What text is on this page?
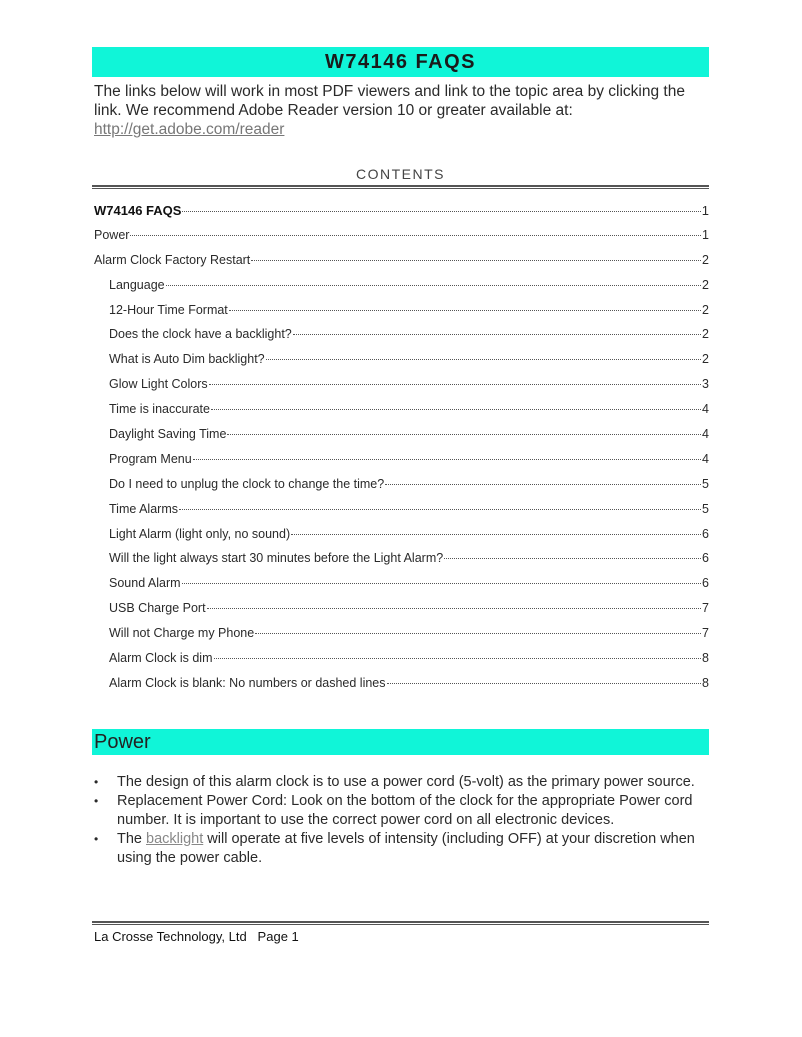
W74146 FAQS
The links below will work in most PDF viewers and link to the topic area by clicking the link. We recommend Adobe Reader version 10 or greater available at:
http://get.adobe.com/reader
CONTENTS
W74146 FAQS	1
Power	1
Alarm Clock Factory Restart	2
Language	2
12-Hour Time Format	2
Does the clock have a backlight?	2
What is Auto Dim backlight?	2
Glow Light Colors	3
Time is inaccurate	4
Daylight Saving Time	4
Program Menu	4
Do I need to unplug the clock to change the time?	5
Time Alarms	5
Light Alarm (light only, no sound)	6
Will the light always start 30 minutes before the Light Alarm?	6
Sound Alarm	6
USB Charge Port	7
Will not Charge my Phone	7
Alarm Clock is dim	8
Alarm Clock is blank: No numbers or dashed lines	8
Power
• The design of this alarm clock is to use a power cord (5-volt) as the primary power source.
• Replacement Power Cord: Look on the bottom of the clock for the appropriate Power cord number. It is important to use the correct power cord on all electronic devices.
• The backlight will operate at five levels of intensity (including OFF) at your discretion when using the power cable.
La Crosse Technology, Ltd   Page 1
